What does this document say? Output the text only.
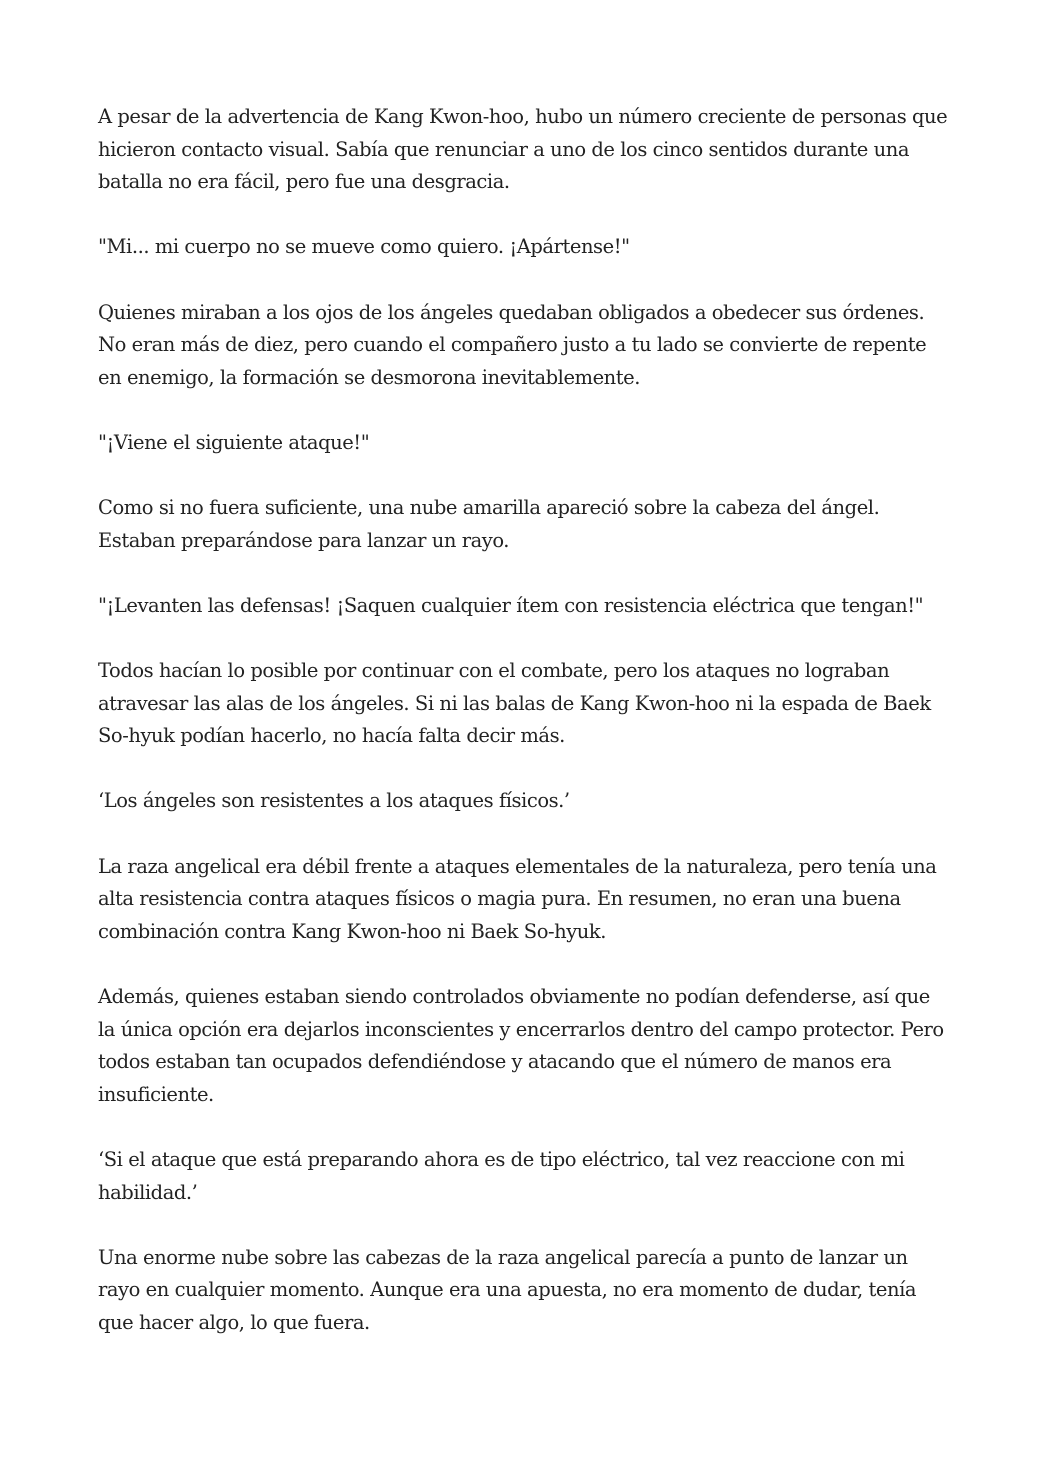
A pesar de la advertencia de Kang Kwon-hoo, hubo un número creciente de personas que hicieron contacto visual. Sabía que renunciar a uno de los cinco sentidos durante una batalla no era fácil, pero fue una desgracia.

"Mi... mi cuerpo no se mueve como quiero. ¡Apártense!"

Quienes miraban a los ojos de los ángeles quedaban obligados a obedecer sus órdenes. No eran más de diez, pero cuando el compañero justo a tu lado se convierte de repente en enemigo, la formación se desmorona inevitablemente.

"¡Viene el siguiente ataque!"

Como si no fuera suficiente, una nube amarilla apareció sobre la cabeza del ángel. Estaban preparándose para lanzar un rayo.

"¡Levanten las defensas! ¡Saquen cualquier ítem con resistencia eléctrica que tengan!"

Todos hacían lo posible por continuar con el combate, pero los ataques no lograban atravesar las alas de los ángeles. Si ni las balas de Kang Kwon-hoo ni la espada de Baek So-hyuk podían hacerlo, no hacía falta decir más.

‘Los ángeles son resistentes a los ataques físicos.’

La raza angelical era débil frente a ataques elementales de la naturaleza, pero tenía una alta resistencia contra ataques físicos o magia pura. En resumen, no eran una buena combinación contra Kang Kwon-hoo ni Baek So-hyuk.

Además, quienes estaban siendo controlados obviamente no podían defenderse, así que la única opción era dejarlos inconscientes y encerrarlos dentro del campo protector. Pero todos estaban tan ocupados defendiéndose y atacando que el número de manos era insuficiente.

‘Si el ataque que está preparando ahora es de tipo eléctrico, tal vez reaccione con mi habilidad.’

Una enorme nube sobre las cabezas de la raza angelical parecía a punto de lanzar un rayo en cualquier momento. Aunque era una apuesta, no era momento de dudar, tenía que hacer algo, lo que fuera.
